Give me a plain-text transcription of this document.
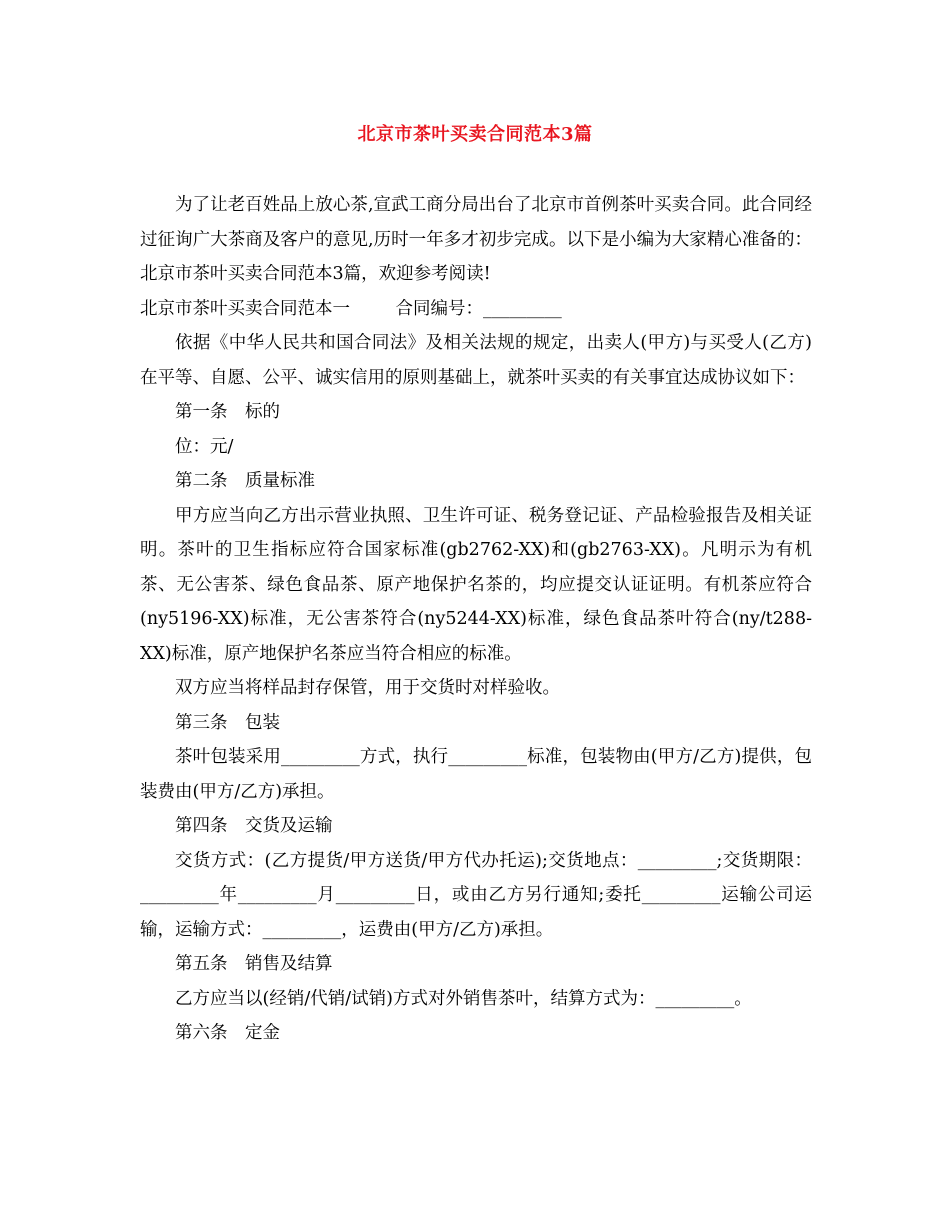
北京市茶叶买卖合同范本3篇

为了让老百姓品上放心茶,宣武工商分局出台了北京市首例茶叶买卖合同。此合同经过征询广大茶商及客户的意见,历时一年多才初步完成。以下是小编为大家精心准备的：北京市茶叶买卖合同范本3篇，欢迎参考阅读!

北京市茶叶买卖合同范本一	合同编号：_________

依据《中华人民共和国合同法》及相关法规的规定，出卖人(甲方)与买受人(乙方)在平等、自愿、公平、诚实信用的原则基础上，就茶叶买卖的有关事宜达成协议如下：

第一条　标的

位：元/

第二条　质量标准

甲方应当向乙方出示营业执照、卫生许可证、税务登记证、产品检验报告及相关证明。茶叶的卫生指标应符合国家标准(gb2762-XX)和(gb2763-XX)。凡明示为有机茶、无公害茶、绿色食品茶、原产地保护名茶的，均应提交认证证明。有机茶应符合(ny5196-XX)标准，无公害茶符合(ny5244-XX)标准，绿色食品茶叶符合(ny/t288-XX)标准，原产地保护名茶应当符合相应的标准。

双方应当将样品封存保管，用于交货时对样验收。

第三条　包装

茶叶包装采用_________方式，执行_________标准，包装物由(甲方/乙方)提供，包装费由(甲方/乙方)承担。

第四条　交货及运输

交货方式：(乙方提货/甲方送货/甲方代办托运);交货地点：_________;交货期限：_________年_________月_________日，或由乙方另行通知;委托_________运输公司运输，运输方式：_________，运费由(甲方/乙方)承担。

第五条　销售及结算

乙方应当以(经销/代销/试销)方式对外销售茶叶，结算方式为：_________。

第六条　定金
